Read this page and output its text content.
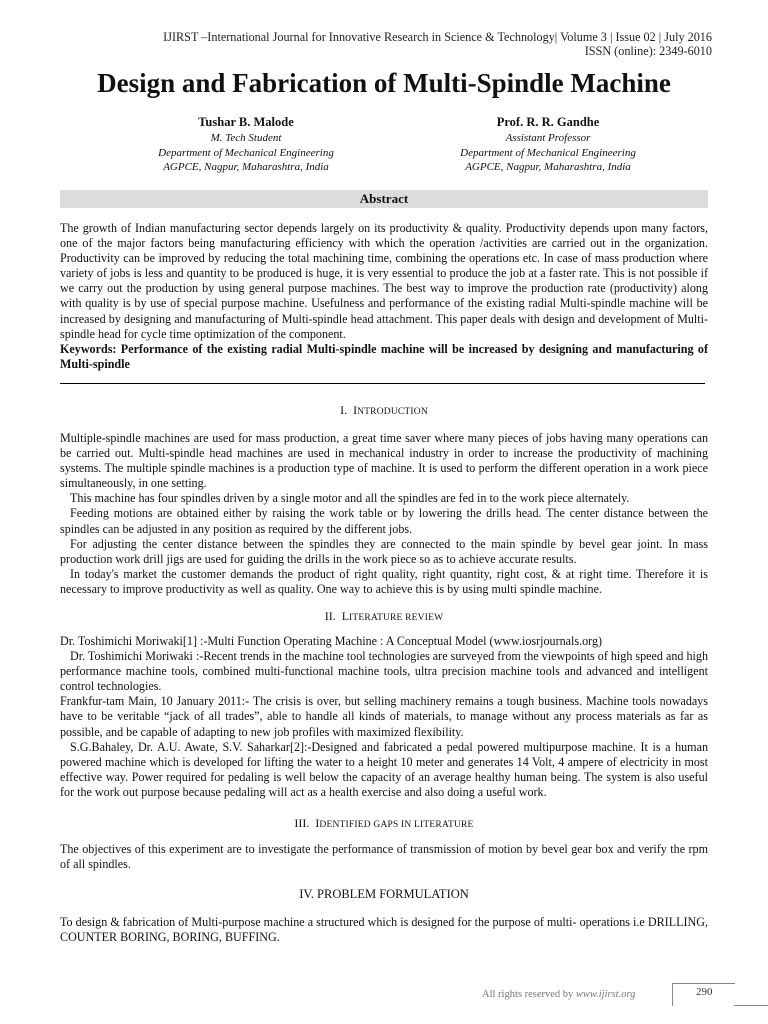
IJIRST –International Journal for Innovative Research in Science & Technology| Volume 3 | Issue 02 | July 2016
ISSN (online): 2349-6010
Design and Fabrication of Multi-Spindle Machine
Tushar B. Malode
M. Tech Student
Department of Mechanical Engineering
AGPCE, Nagpur, Maharashtra, India
Prof. R. R. Gandhe
Assistant Professor
Department of Mechanical Engineering
AGPCE, Nagpur, Maharashtra, India
Abstract

The growth of Indian manufacturing sector depends largely on its productivity & quality. Productivity depends upon many factors, one of the major factors being manufacturing efficiency with which the operation /activities are carried out in the organization. Productivity can be improved by reducing the total machining time, combining the operations etc. In case of mass production where variety of jobs is less and quantity to be produced is huge, it is very essential to produce the job at a faster rate. This is not possible if we carry out the production by using general purpose machines. The best way to improve the production rate (productivity) along with quality is by use of special purpose machine. Usefulness and performance of the existing radial Multi-spindle machine will be increased by designing and manufacturing of Multi-spindle head attachment. This paper deals with design and development of Multi-spindle head for cycle time optimization of the component.

Keywords: Performance of the existing radial Multi-spindle machine will be increased by designing and manufacturing of Multi-spindle

I. INTRODUCTION

Multiple-spindle machines are used for mass production, a great time saver where many pieces of jobs having many operations can be carried out. Multi-spindle head machines are used in mechanical industry in order to increase the productivity of machining systems. The multiple spindle machines is a production type of machine. It is used to perform the different operation in a work piece simultaneously, in one setting.

This machine has four spindles driven by a single motor and all the spindles are fed in to the work piece alternately.

Feeding motions are obtained either by raising the work table or by lowering the drills head. The center distance between the spindles can be adjusted in any position as required by the different jobs.

For adjusting the center distance between the spindles they are connected to the main spindle by bevel gear joint. In mass production work drill jigs are used for guiding the drills in the work piece so as to achieve accurate results.

In today's market the customer demands the product of right quality, right quantity, right cost, & at right time. Therefore it is necessary to improve productivity as well as quality. One way to achieve this is by using multi spindle machine.

II. LITERATURE REVIEW

Dr. Toshimichi Moriwaki[1] :-Multi Function Operating Machine : A Conceptual Model (www.iosrjournals.org)

Dr. Toshimichi Moriwaki :-Recent trends in the machine tool technologies are surveyed from the viewpoints of high speed and high performance machine tools, combined multi-functional machine tools, ultra precision machine tools and advanced and intelligent control technologies.

Frankfur-tam Main, 10 January 2011:- The crisis is over, but selling machinery remains a tough business. Machine tools nowadays have to be veritable “jack of all trades”, able to handle all kinds of materials, to manage without any process materials as far as possible, and be capable of adapting to new job profiles with maximized flexibility.

S.G.Bahaley, Dr. A.U. Awate, S.V. Saharkar[2]:-Designed and fabricated a pedal powered multipurpose machine. It is a human powered machine which is developed for lifting the water to a height 10 meter and generates 14 Volt, 4 ampere of electricity in most effective way. Power required for pedaling is well below the capacity of an average healthy human being. The system is also useful for the work out purpose because pedaling will act as a health exercise and also doing a useful work.

III. IDENTIFIED GAPS IN LITERATURE

The objectives of this experiment are to investigate the performance of transmission of motion by bevel gear box and verify the rpm of all spindles.

IV. PROBLEM FORMULATION

To design & fabrication of Multi-purpose machine a structured which is designed for the purpose of multi- operations i.e DRILLING, COUNTER BORING, BORING, BUFFING.

All rights reserved by www.ijirst.org	290
